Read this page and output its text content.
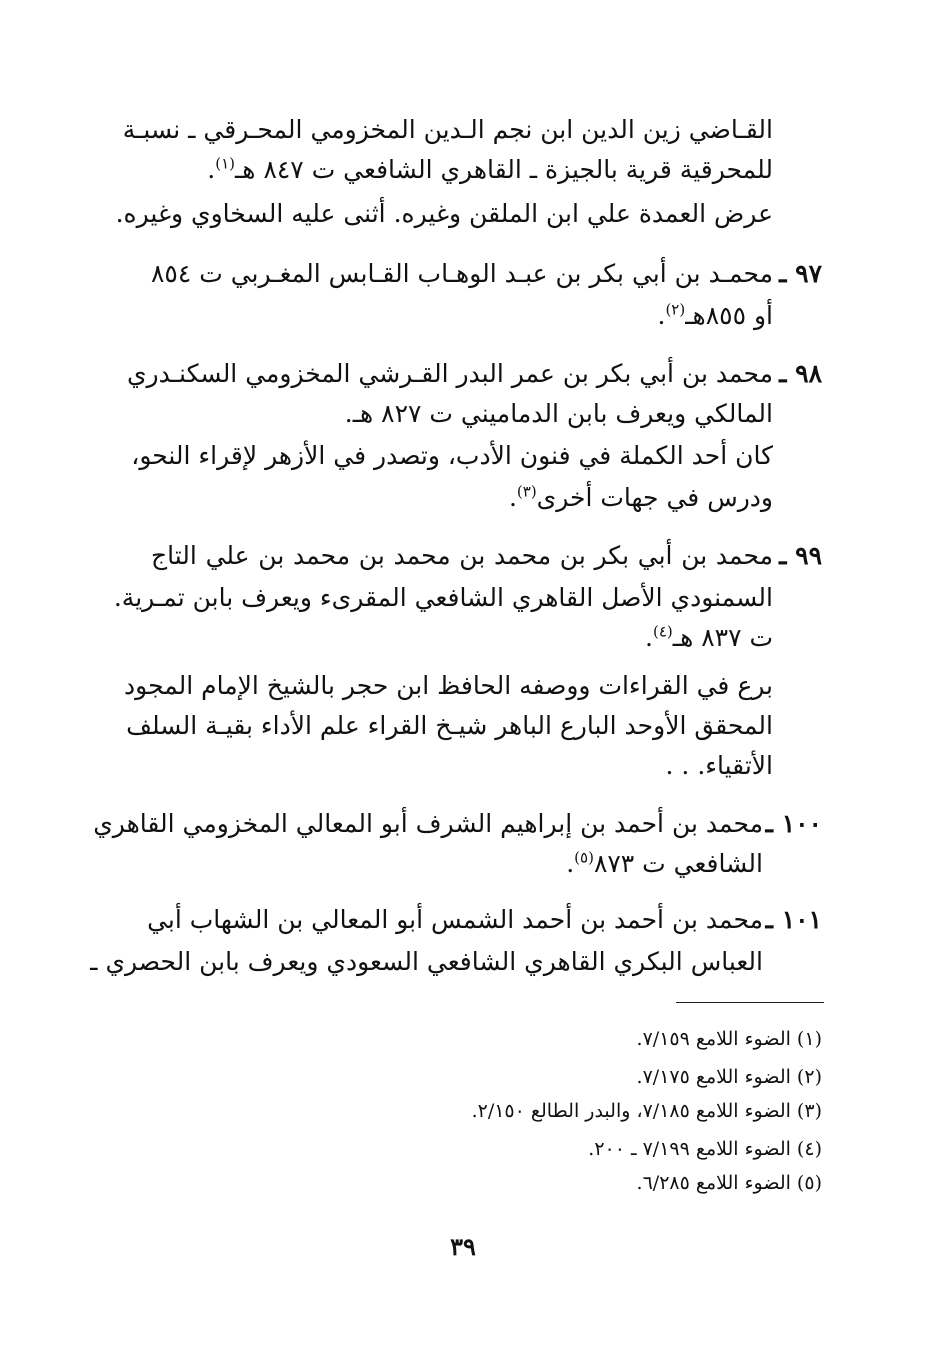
القـاضي زين الدين ابن نجم الـدين المخزومي المحـرقي ـ نسبـة
للمحرقية قرية بالجيزة ـ القاهري الشافعي ت ٨٤٧ هـ$^{(١)}$.
عرض العمدة علي ابن الملقن وغيره. أثنى عليه السخاوي وغيره.
٩٧ ـ
محمـد بن أبي بكر بن عبـد الوهـاب القـابس المغـربي ت ٨٥٤
أو ٨٥٥هـ$^{(٢)}$.
٩٨ ـ
محمد بن أبي بكر بن عمر البدر القـرشي المخزومي السكنـدري
المالكي ويعرف بابن الدماميني ت ٨٢٧ هـ.
كان أحد الكملة في فنون الأدب، وتصدر في الأزهر لإقراء النحو،
ودرس في جهات أخرى$^{(٣)}$.
٩٩ ـ
محمد بن أبي بكر بن محمد بن محمد بن محمد بن علي التاج
السمنودي الأصل القاهري الشافعي المقرىء ويعرف بابن تمـرية.
ت ٨٣٧ هـ$^{(٤)}$.
برع في القراءات ووصفه الحافظ ابن حجر بالشيخ الإمام المجود
المحقق الأوحد البارع الباهر شيـخ القراء علم الأداء بقيـة السلف
الأتقياء. . .
١٠٠ ـ
محمد بن أحمد بن إبراهيم الشرف أبو المعالي المخزومي القاهري
الشافعي ت ٨٧٣$^{(٥)}$.
١٠١ ـ
محمد بن أحمد بن أحمد الشمس أبو المعالي بن الشهاب أبي
العباس البكري القاهري الشافعي السعودي ويعرف بابن الحصري ـ
(١) الضوء اللامع ٧/١٥٩.
(٢) الضوء اللامع ٧/١٧٥.
(٣) الضوء اللامع ٧/١٨٥، والبدر الطالع ٢/١٥٠.
(٤) الضوء اللامع ٧/١٩٩ ـ ٢٠٠.
(٥) الضوء اللامع ٦/٢٨٥.
٣٩
